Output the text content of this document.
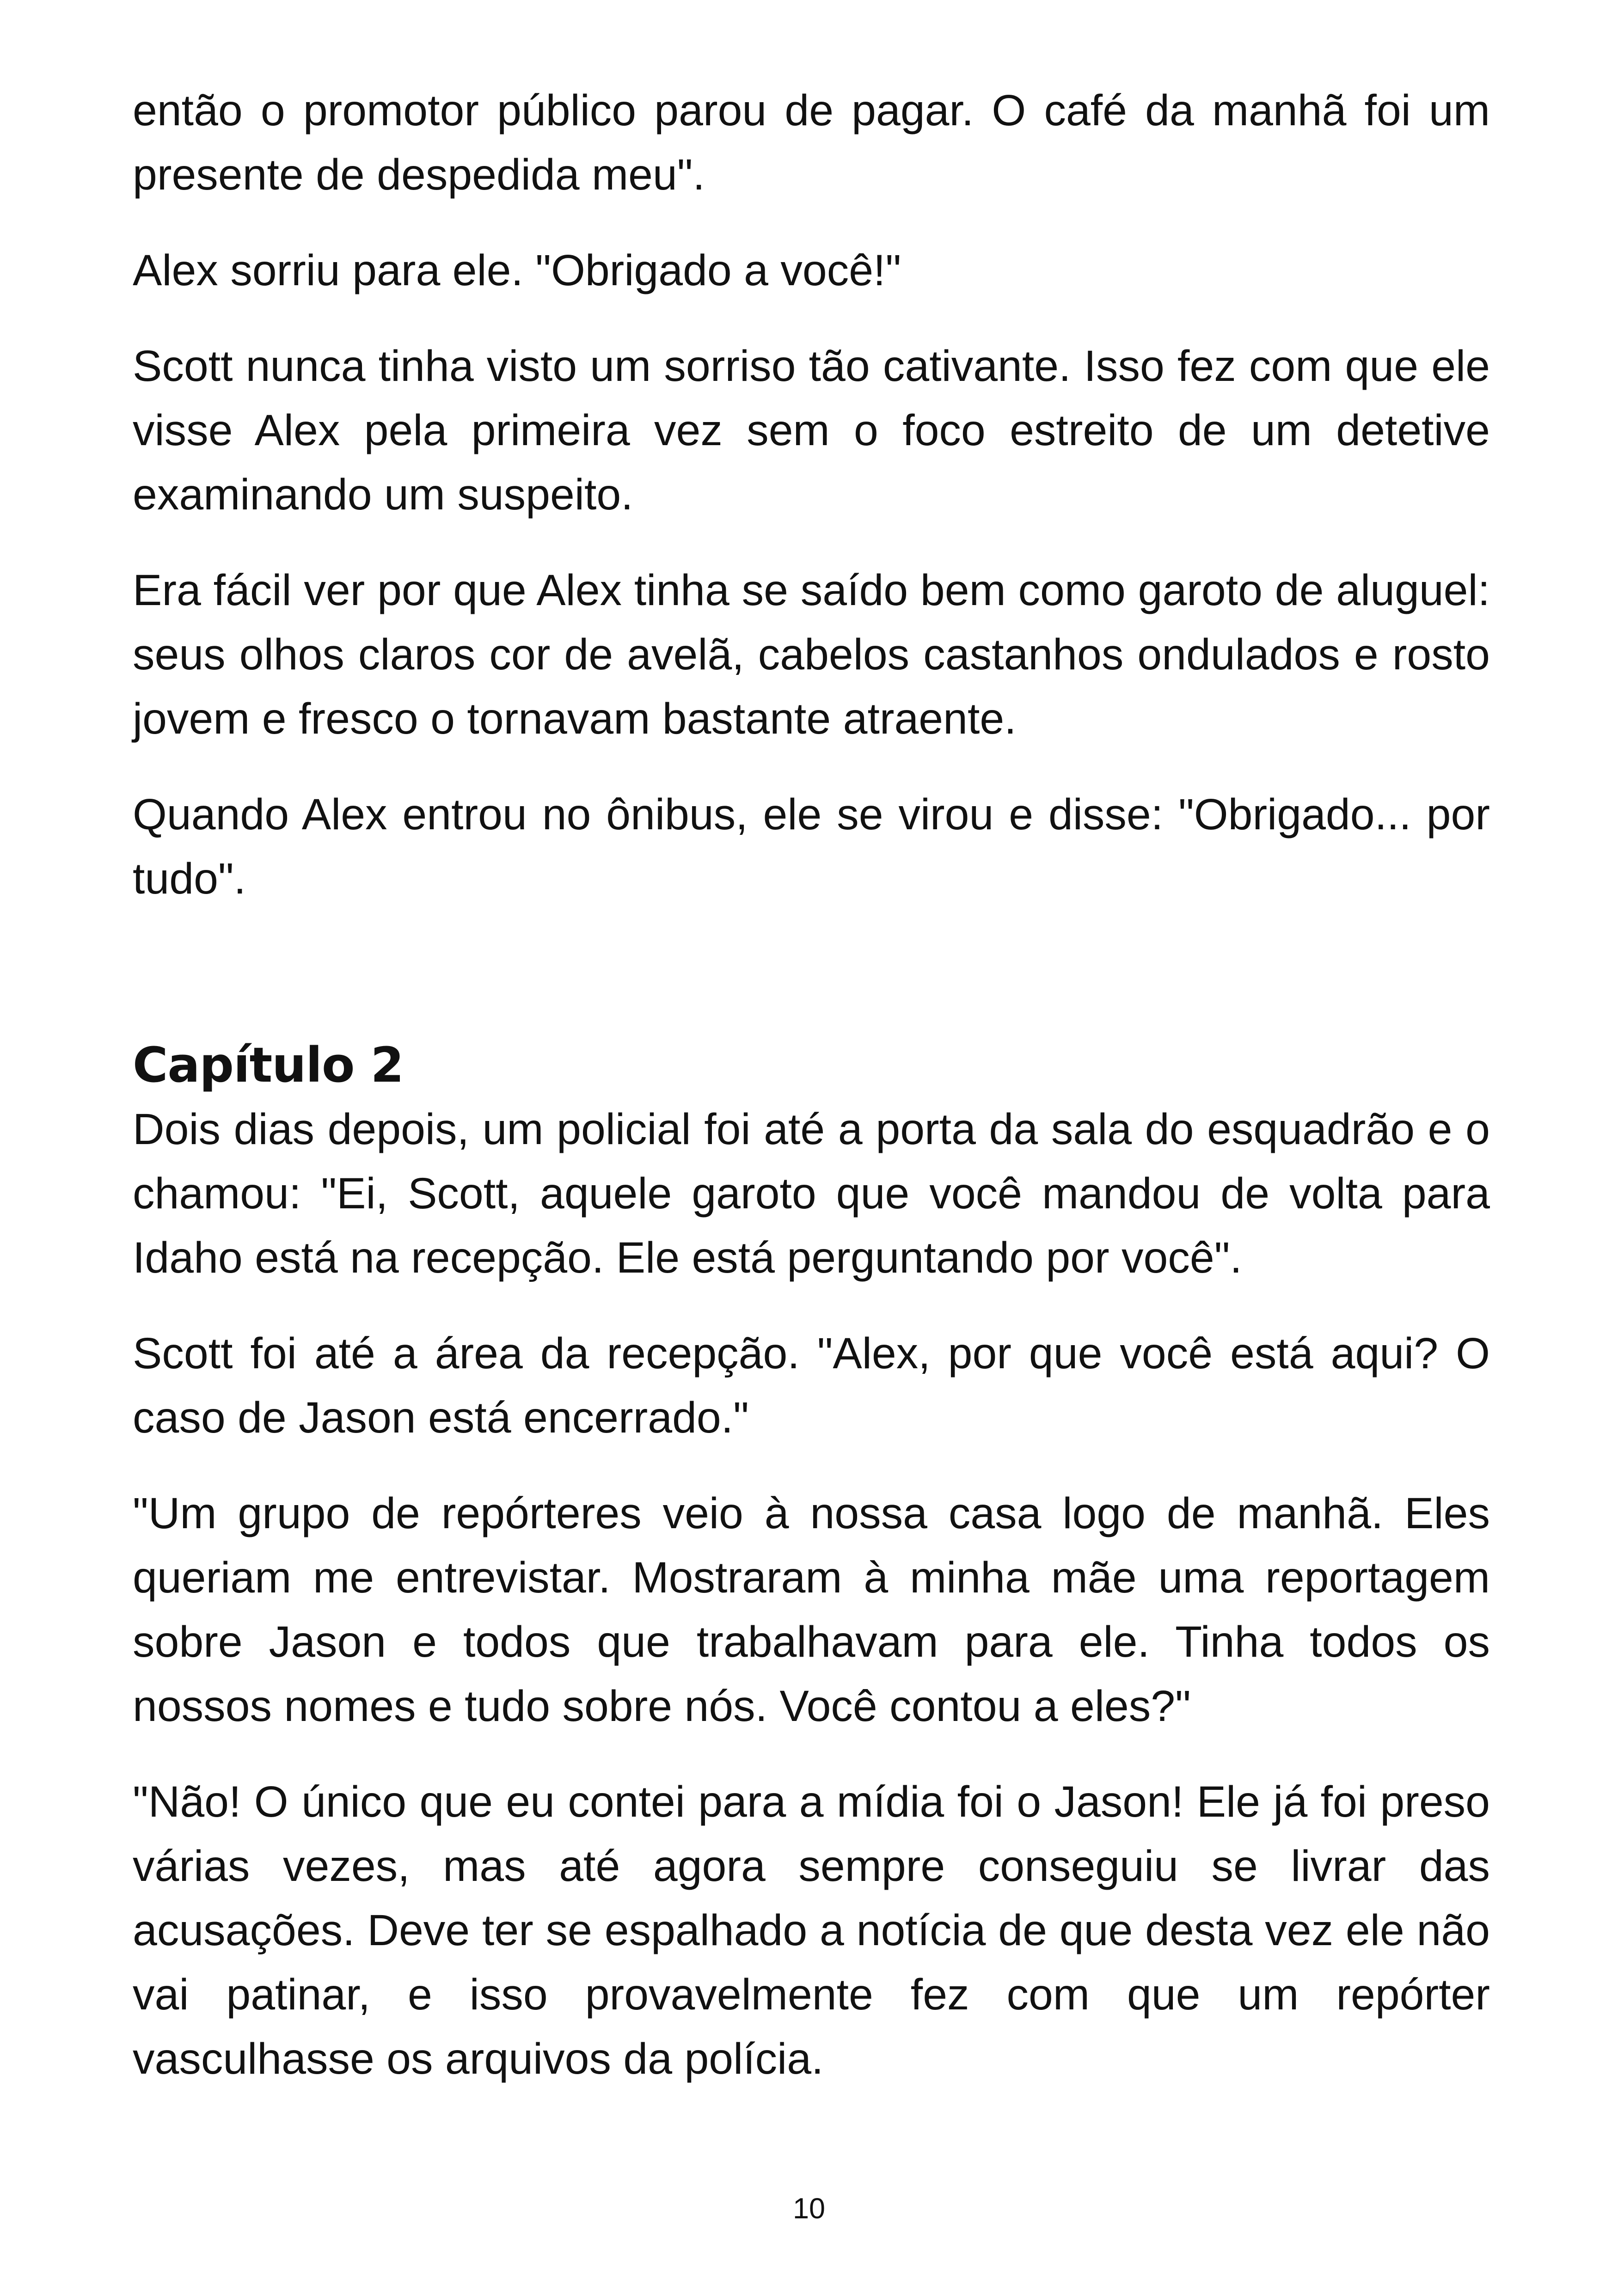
então o promotor público parou de pagar. O café da manhã foi um presente de despedida meu".

Alex sorriu para ele. "Obrigado a você!"

Scott nunca tinha visto um sorriso tão cativante. Isso fez com que ele visse Alex pela primeira vez sem o foco estreito de um detetive examinando um suspeito.

Era fácil ver por que Alex tinha se saído bem como garoto de aluguel: seus olhos claros cor de avelã, cabelos castanhos ondulados e rosto jovem e fresco o tornavam bastante atraente.

Quando Alex entrou no ônibus, ele se virou e disse: "Obrigado... por tudo".

Capítulo 2

Dois dias depois, um policial foi até a porta da sala do esquadrão e o chamou: "Ei, Scott, aquele garoto que você mandou de volta para Idaho está na recepção. Ele está perguntando por você".

Scott foi até a área da recepção. "Alex, por que você está aqui? O caso de Jason está encerrado."

"Um grupo de repórteres veio à nossa casa logo de manhã. Eles queriam me entrevistar. Mostraram à minha mãe uma reportagem sobre Jason e todos que trabalhavam para ele. Tinha todos os nossos nomes e tudo sobre nós. Você contou a eles?"

"Não! O único que eu contei para a mídia foi o Jason! Ele já foi preso várias vezes, mas até agora sempre conseguiu se livrar das acusações. Deve ter se espalhado a notícia de que desta vez ele não vai patinar, e isso provavelmente fez com que um repórter vasculhasse os arquivos da polícia.

10
